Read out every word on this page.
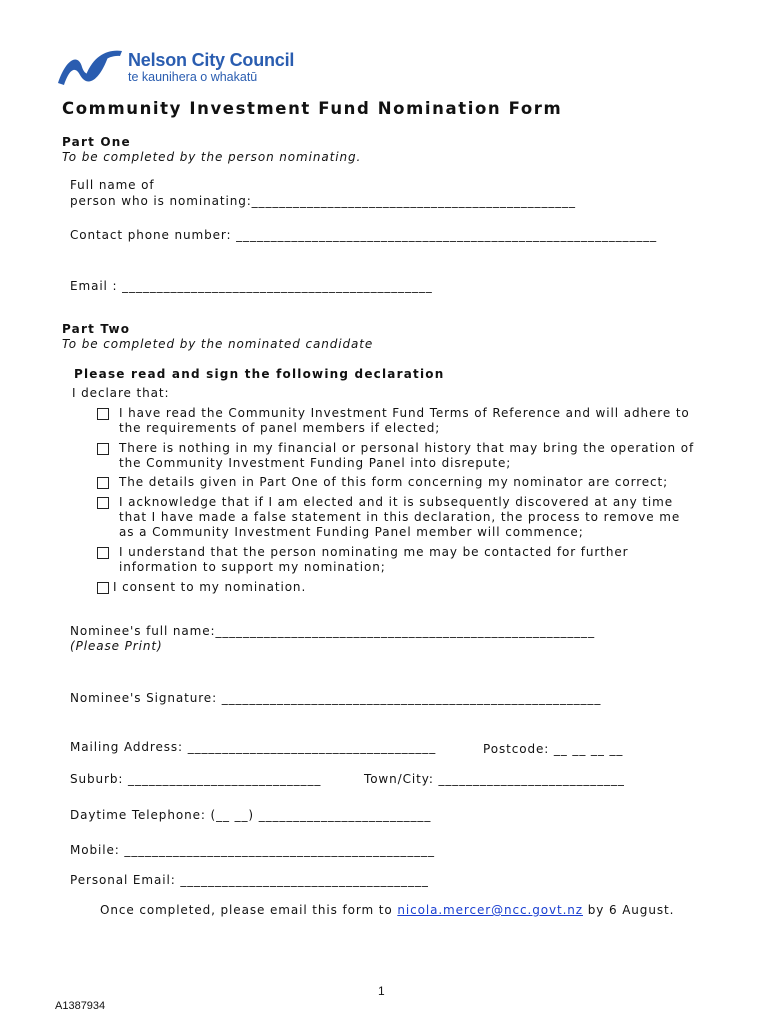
Nelson City Council
te kaunihera o whakatū
Community Investment Fund Nomination Form
Part One
To be completed by the person nominating.
Full name of
person who is nominating:_______________________________________________
Contact phone number: _____________________________________________________________
Email : _____________________________________________
Part Two
To be completed by the nominated candidate
Please read and sign the following declaration
I declare that:
I have read the Community Investment Fund Terms of Reference and will adhere to the requirements of panel members if elected;
There is nothing in my financial or personal history that may bring the operation of the Community Investment Funding Panel into disrepute;
The details given in Part One of this form concerning my nominator are correct;
I acknowledge that if I am elected and it is subsequently discovered at any time that I have made a false statement in this declaration, the process to remove me as a Community Investment Funding Panel member will commence;
I understand that the person nominating me may be contacted for further information to support my nomination;
I consent to my nomination.
Nominee's full name:_______________________________________________________
(Please Print)
Nominee's Signature: _______________________________________________________
Mailing Address: ____________________________________	Postcode: __ __ __ __
Suburb: ____________________________	Town/City: ___________________________
Daytime Telephone: (__ __) _________________________
Mobile: _____________________________________________
Personal Email: ____________________________________
Once completed, please email this form to nicola.mercer@ncc.govt.nz by 6 August.
1
A1387934
